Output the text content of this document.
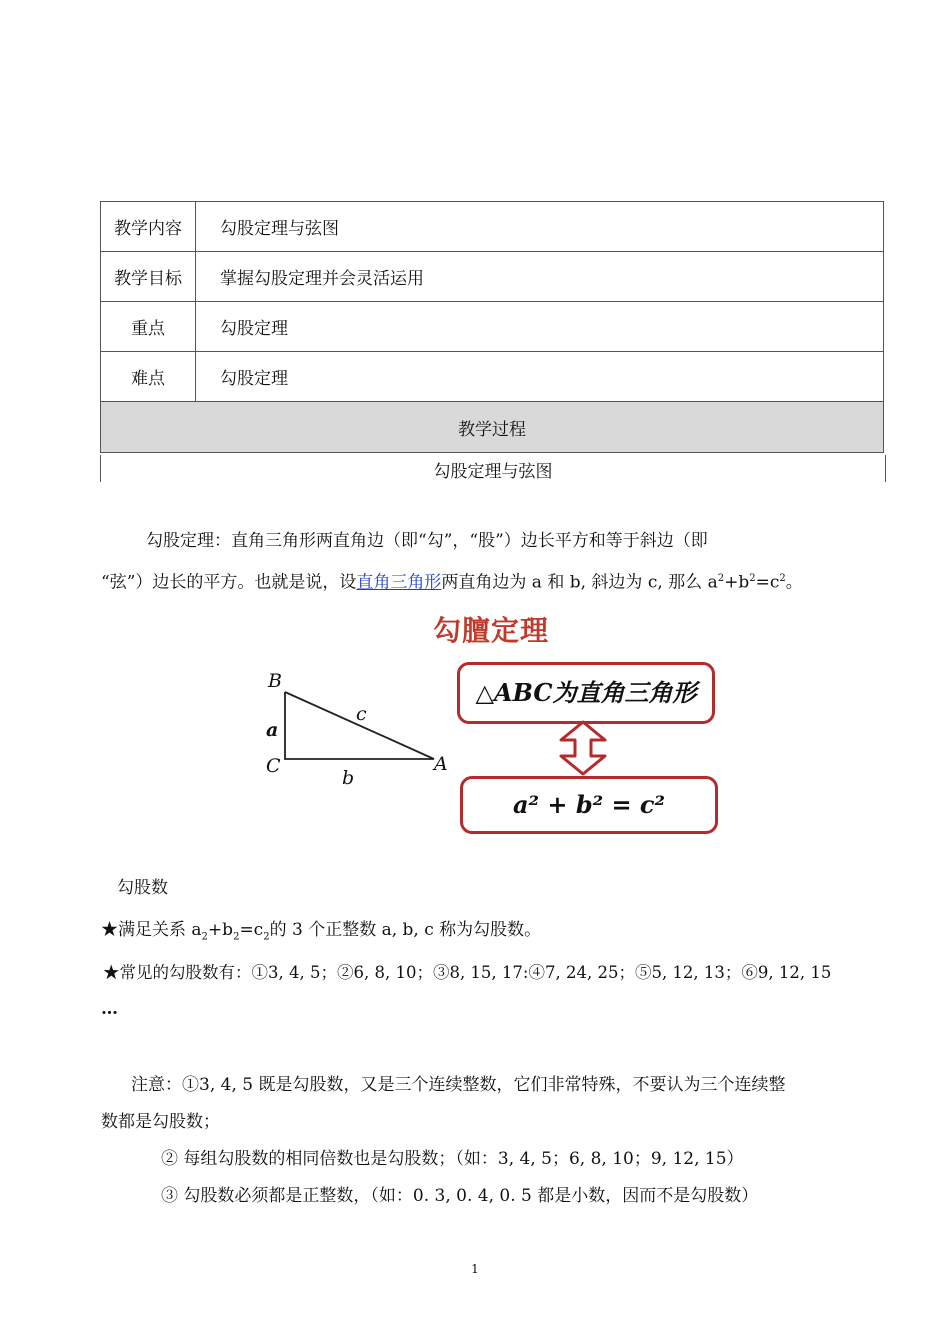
教学内容	勾股定理与弦图
教学目标	掌握勾股定理并会灵活运用
重点	勾股定理
难点	勾股定理
教学过程	
勾股定理与弦图
勾股定理：直角三角形两直角边（即“勾”，“股”）边长平方和等于斜边（即
“弦”）边长的平方。也就是说，设直角三角形两直角边为 a 和 b, 斜边为 c, 那么 $a^2+b^2=c^2$。
勾膻定理
B
a
C
c
b
A
△ABC为直角三角形
a² + b² = c²
勾股数
★满足关系 $a_2+b_2=c_2$的 3 个正整数 a, b, c 称为勾股数。
★常见的勾股数有：①3, 4, 5；②6, 8, 10；③8, 15, 17:④7, 24, 25；⑤5, 12, 13；⑥9, 12, 15
…
注意：①3, 4, 5 既是勾股数，又是三个连续整数，它们非常特殊，不要认为三个连续整
数都是勾股数；
② 每组勾股数的相同倍数也是勾股数；（如：3, 4, 5；6, 8, 10；9, 12, 15）
③ 勾股数必须都是正整数，（如：0. 3, 0. 4, 0. 5 都是小数，因而不是勾股数）
1
